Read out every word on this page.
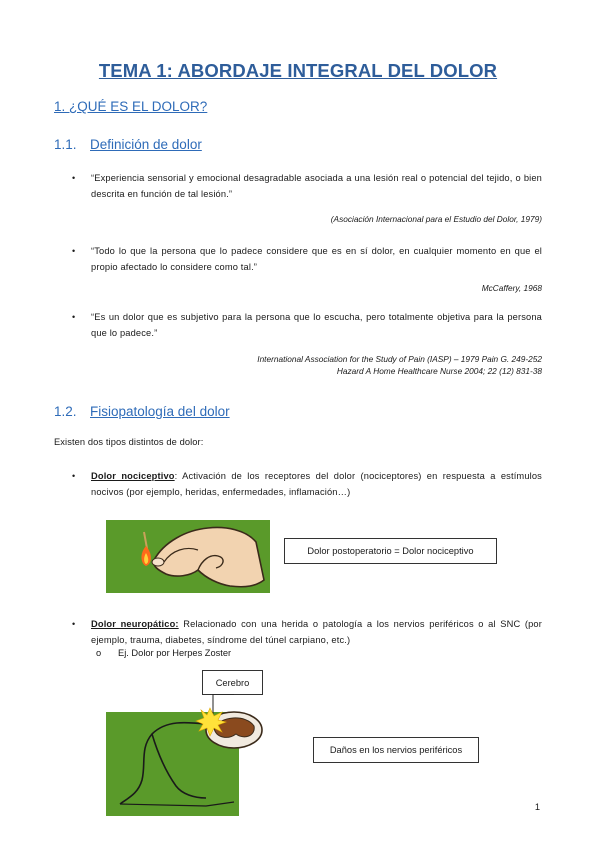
TEMA 1: ABORDAJE INTEGRAL DEL DOLOR
1. ¿QUÉ ES EL DOLOR?
1.1. Definición de dolor
• “Experiencia sensorial y emocional desagradable asociada a una lesión real o potencial del tejido, o bien descrita en función de tal lesión.”
(Asociación Internacional para el Estudio del Dolor, 1979)
• “Todo lo que la persona que lo padece considere que es en sí dolor, en cualquier momento en que el propio afectado lo considere como tal.”
McCaffery, 1968
• “Es un dolor que es subjetivo para la persona que lo escucha, pero totalmente objetiva para la persona que lo padece.”
International Association for the Study of Pain (IASP) – 1979 Pain G. 249-252
Hazard A Home Healthcare Nurse 2004; 22 (12) 831-38
1.2. Fisiopatología del dolor
Existen dos tipos distintos de dolor:
• Dolor nociceptivo: Activación de los receptores del dolor (nociceptores) en respuesta a estímulos nocivos (por ejemplo, heridas, enfermedades, inflamación…)
Dolor postoperatorio = Dolor nociceptivo
• Dolor neuropático: Relacionado con una herida o patología a los nervios periféricos o al SNC (por ejemplo, trauma, diabetes, síndrome del túnel carpiano, etc.)
o Ej. Dolor por Herpes Zoster
Cerebro
Daños en los nervios periféricos
1
